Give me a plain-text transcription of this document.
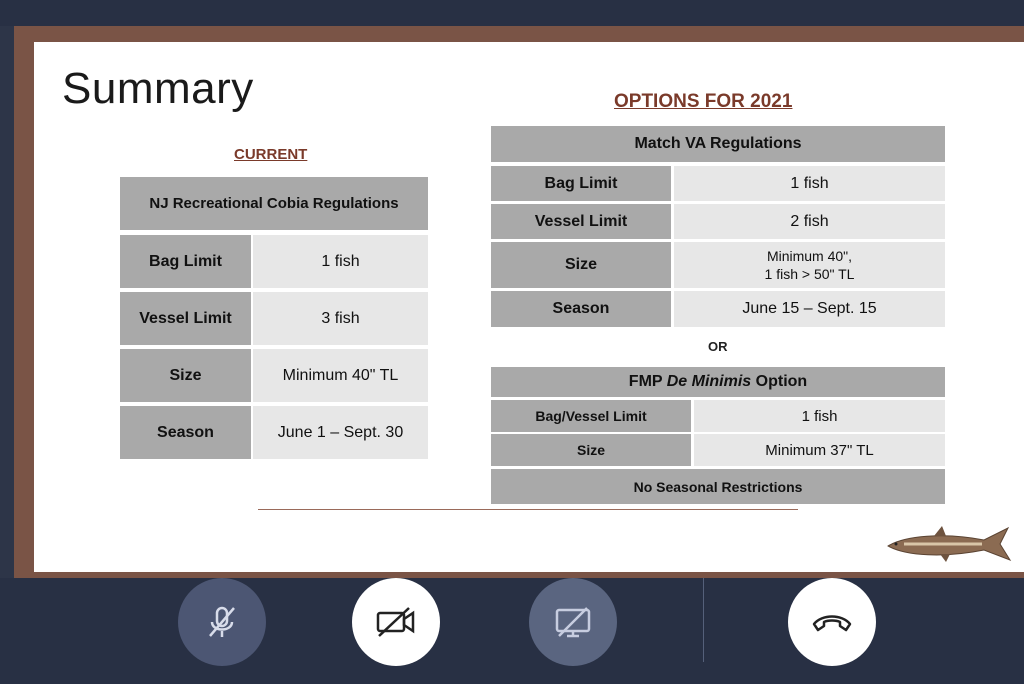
Summary
CURRENT
OPTIONS FOR 2021
NJ Recreational Cobia Regulations
Bag Limit	1 fish
Vessel Limit	3 fish
Size	Minimum 40" TL
Season	June 1 – Sept. 30
Match VA Regulations
Bag Limit	1 fish
Vessel Limit	2 fish
Size	Minimum 40",
1 fish > 50" TL
Season	June 15 – Sept. 15
OR
FMP De Minimis Option
Bag/Vessel Limit	1 fish
Size	Minimum 37" TL
No Seasonal Restrictions
